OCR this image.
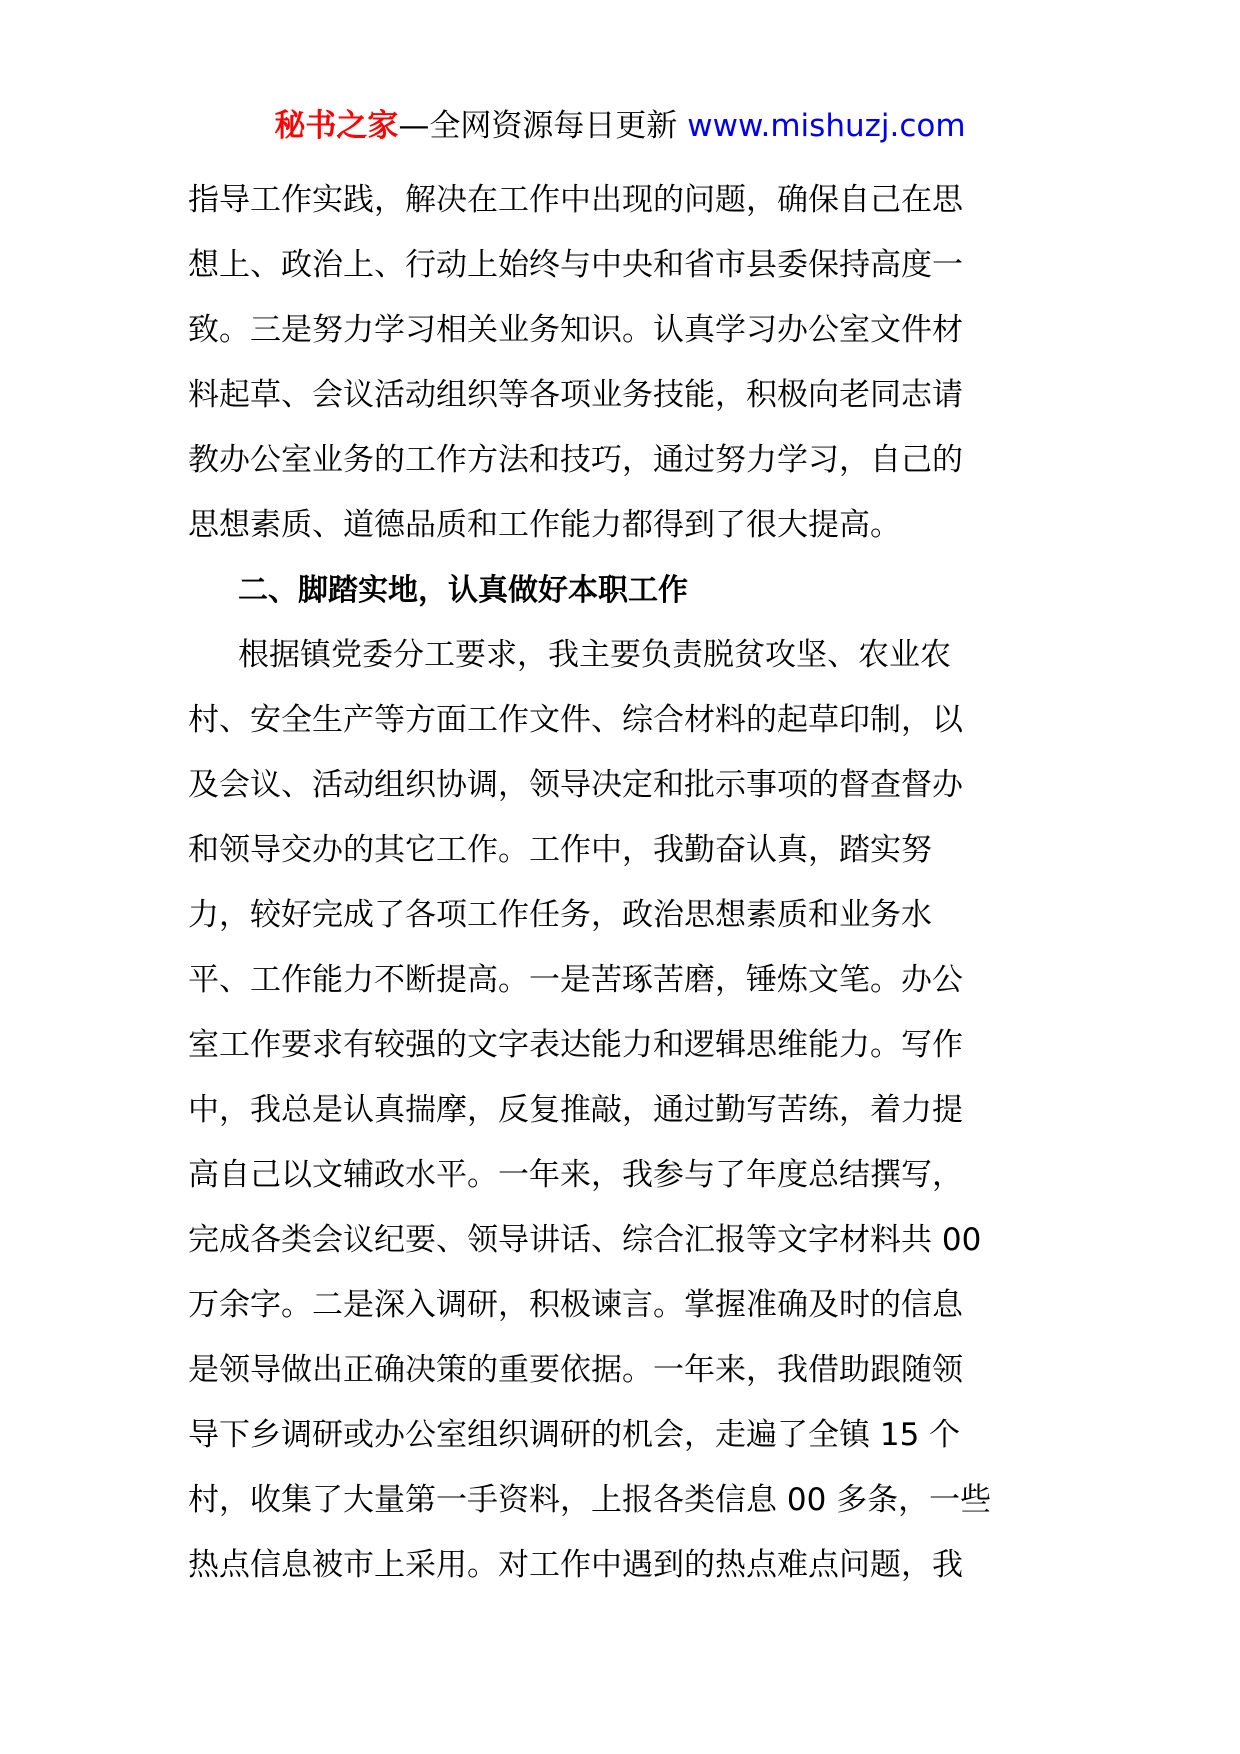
秘书之家—全网资源每日更新 www.mishuzj.com
指导工作实践，解决在工作中出现的问题，确保自己在思
想上、政治上、行动上始终与中央和省市县委保持高度一
致。三是努力学习相关业务知识。认真学习办公室文件材
料起草、会议活动组织等各项业务技能，积极向老同志请
教办公室业务的工作方法和技巧，通过努力学习，自己的
思想素质、道德品质和工作能力都得到了很大提高。
二、脚踏实地，认真做好本职工作
根据镇党委分工要求，我主要负责脱贫攻坚、农业农
村、安全生产等方面工作文件、综合材料的起草印制，以
及会议、活动组织协调，领导决定和批示事项的督查督办
和领导交办的其它工作。工作中，我勤奋认真，踏实努
力，较好完成了各项工作任务，政治思想素质和业务水
平、工作能力不断提高。一是苦琢苦磨，锤炼文笔。办公
室工作要求有较强的文字表达能力和逻辑思维能力。写作
中，我总是认真揣摩，反复推敲，通过勤写苦练，着力提
高自己以文辅政水平。一年来，我参与了年度总结撰写，
完成各类会议纪要、领导讲话、综合汇报等文字材料共 00
万余字。二是深入调研，积极谏言。掌握准确及时的信息
是领导做出正确决策的重要依据。一年来，我借助跟随领
导下乡调研或办公室组织调研的机会，走遍了全镇 15 个
村，收集了大量第一手资料，上报各类信息 00 多条，一些
热点信息被市上采用。对工作中遇到的热点难点问题，我
